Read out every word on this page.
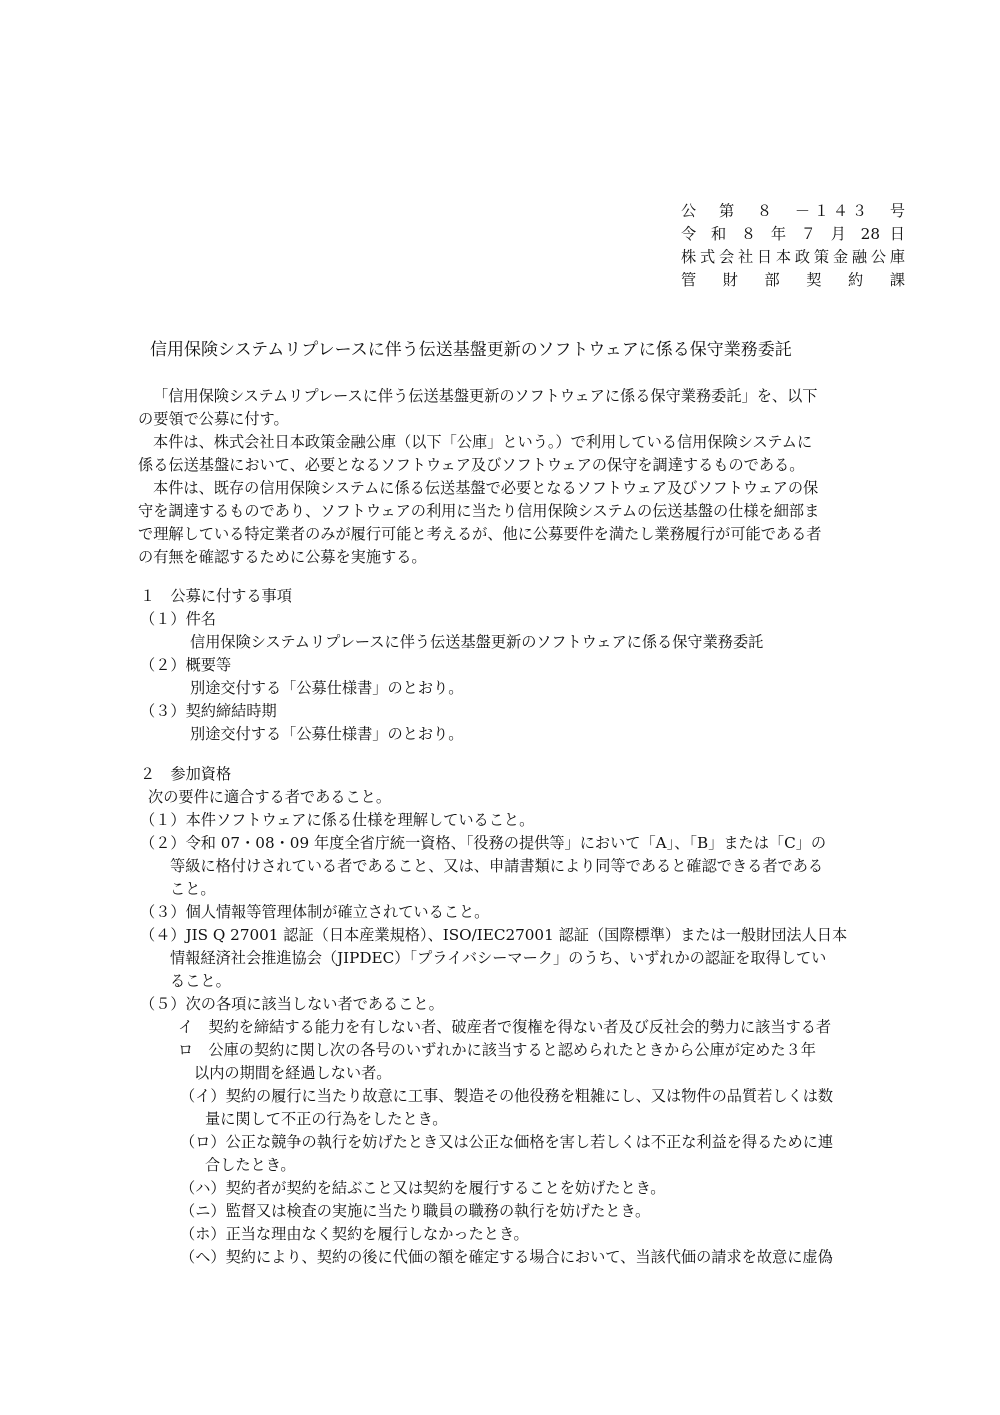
公　第　８　－１４３　号
令 和 ８ 年 ７ 月 28 日
株式会社日本政策金融公庫
管　財　部　契　約　課
信用保険システムリプレースに伴う伝送基盤更新のソフトウェアに係る保守業務委託
「信用保険システムリプレースに伴う伝送基盤更新のソフトウェアに係る保守業務委託」を、以下
の要領で公募に付す。
本件は、株式会社日本政策金融公庫（以下「公庫」という。）で利用している信用保険システムに
係る伝送基盤において、必要となるソフトウェア及びソフトウェアの保守を調達するものである。
本件は、既存の信用保険システムに係る伝送基盤で必要となるソフトウェア及びソフトウェアの保
守を調達するものであり、ソフトウェアの利用に当たり信用保険システムの伝送基盤の仕様を細部ま
で理解している特定業者のみが履行可能と考えるが、他に公募要件を満たし業務履行が可能である者
の有無を確認するために公募を実施する。
１　公募に付する事項
（１）件名
信用保険システムリプレースに伴う伝送基盤更新のソフトウェアに係る保守業務委託
（２）概要等
別途交付する「公募仕様書」のとおり。
（３）契約締結時期
別途交付する「公募仕様書」のとおり。
２　参加資格
次の要件に適合する者であること。
（１）本件ソフトウェアに係る仕様を理解していること。
（２）令和 07・08・09 年度全省庁統一資格、「役務の提供等」において「A」、「B」または「C」の
等級に格付けされている者であること、又は、申請書類により同等であると確認できる者である
こと。
（３）個人情報等管理体制が確立されていること。
（４）JIS Q 27001 認証（日本産業規格）、ISO/IEC27001 認証（国際標準）または一般財団法人日本
情報経済社会推進協会（JIPDEC）「プライバシーマーク」のうち、いずれかの認証を取得してい
ること。
（５）次の各項に該当しない者であること。
イ　契約を締結する能力を有しない者、破産者で復権を得ない者及び反社会的勢力に該当する者
ロ　公庫の契約に関し次の各号のいずれかに該当すると認められたときから公庫が定めた３年
以内の期間を経過しない者。
（イ）契約の履行に当たり故意に工事、製造その他役務を粗雑にし、又は物件の品質若しくは数
量に関して不正の行為をしたとき。
（ロ）公正な競争の執行を妨げたとき又は公正な価格を害し若しくは不正な利益を得るために連
合したとき。
（ハ）契約者が契約を結ぶこと又は契約を履行することを妨げたとき。
（ニ）監督又は検査の実施に当たり職員の職務の執行を妨げたとき。
（ホ）正当な理由なく契約を履行しなかったとき。
（ヘ）契約により、契約の後に代価の額を確定する場合において、当該代価の請求を故意に虚偽
